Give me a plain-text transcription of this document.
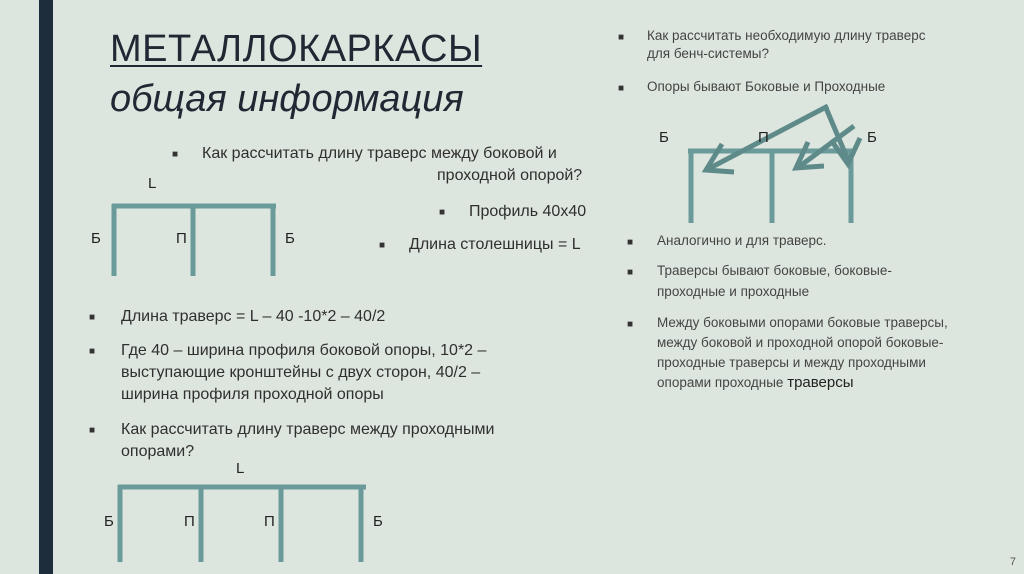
МЕТАЛЛОКАРКАСЫ
общая информация
L
Б	П	Б
L
Б	П	П	Б
Б	П	Б
■ Как рассчитать длину траверс между боковой и
проходной опорой?
■ Профиль 40x40
■ Длина столешницы = L
■ Длина траверс = L – 40 -10*2 – 40/2
■ Где 40 – ширина профиля боковой опоры, 10*2 –
выступающие кронштейны с двух сторон, 40/2 –
ширина профиля проходной опоры
■ Как рассчитать длину траверс между проходными
опорами?
■ Как рассчитать необходимую длину траверс
для бенч-системы?
■ Опоры бывают Боковые и Проходные
■ Аналогично и для траверс.
■ Траверсы бывают боковые, боковые-
проходные и проходные
■ Между боковыми опорами боковые траверсы,
между боковой и проходной опорой боковые-
проходные траверсы и между проходными
опорами проходные траверсы
7
